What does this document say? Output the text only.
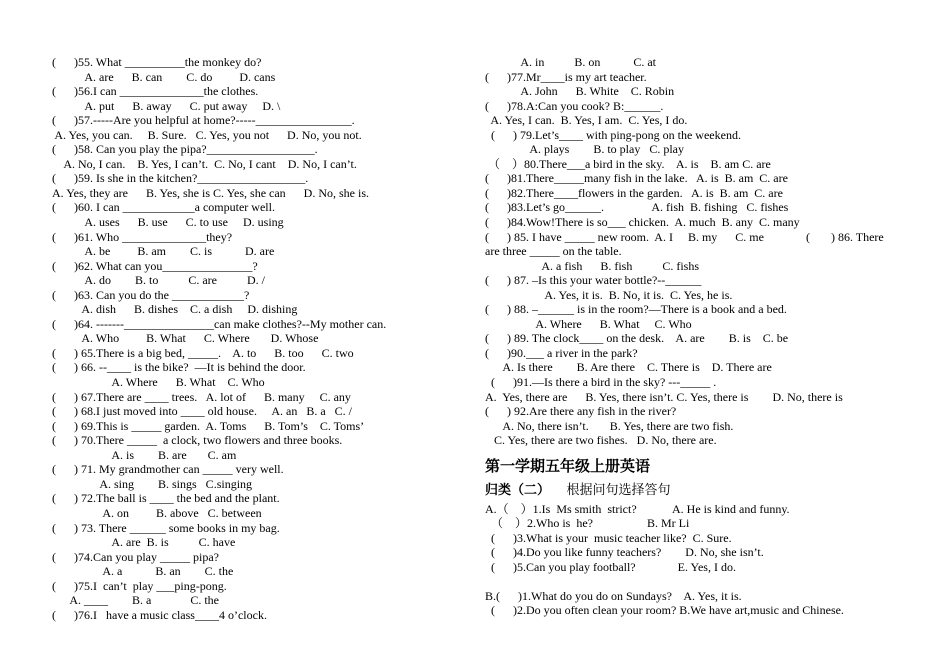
(      )55. What __________the monkey do?
A. are      B. can        C. do         D. cans
(      )56.I can ______________the clothes.
A. put      B. away      C. put away     D. \
(      )57.-----Are you helpful at home?-----________________.
A. Yes, you can.     B. Sure.   C. Yes, you not      D. No, you not.
(      )58. Can you play the pipa?__________________.
A. No, I can.    B. Yes, I can’t.  C. No, I cant    D. No, I can’t.
(      )59. Is she in the kitchen?__________________.
A. Yes, they are      B. Yes, she is C. Yes, she can      D. No, she is.
(      )60. I can ____________a computer well.
A. uses      B. use      C. to use     D. using
(      )61. Who ______________they?
A. be         B. am        C. is           D. are
(      )62. What can you_______________?
A. do        B. to          C. are          D. /
(      )63. Can you do the ____________?
A. dish      B. dishes    C. a dish     D. dishing
(      )64. -------_______________can make clothes?--My mother can.
A. Who         B. What      C. Where       D. Whose
(      ) 65.There is a big bed, _____.    A. to      B. too      C. two
(      ) 66. --____ is the bike?  —It is behind the door.
A. Where      B. What    C. Who
(      ) 67.There are ____ trees.   A. lot of      B. many     C. any
(      ) 68.I just moved into ____ old house.     A. an   B. a   C. /
(      ) 69.This is _____ garden.  A. Toms      B. Tom’s    C. Toms’
(      ) 70.There _____  a clock, two flowers and three books.
A. is        B. are       C. am
(      ) 71. My grandmother can _____ very well.
A. sing        B. sings   C.singing
(      ) 72.The ball is ____ the bed and the plant.
A. on         B. above   C. between
(      ) 73. There ______ some books in my bag.
A. are  B. is          C. have
(      )74.Can you play _____ pipa?
A. a           B. an        C. the
(      )75.I  can’t  play ___ping-pong.
A. ____        B. a             C. the
(      )76.I   have a music class____4 o’clock.
A. in          B. on           C. at
(      )77.Mr____is my art teacher.
A. John      B. White    C. Robin
(      )78.A:Can you cook? B:______.
A. Yes, I can.  B. Yes, I am.  C. Yes, I do.
(      ) 79.Let’s____ with ping-pong on the weekend.
A. plays        B. to play   C. play
（    ）80.There___a bird in the sky.    A. is    B. am C. are
(      )81.There_____many fish in the lake.   A. is  B. am  C. are
(      )82.There____flowers in the garden.   A. is  B. am  C. are
(      )83.Let’s go______.                A. fish  B. fishing   C. fishes
(      )84.Wow!There is so___ chicken.  A. much  B. any  C. many
(      ) 85. I have _____ new room.  A. I     B. my      C. me              (       ) 86. There
are three _____ on the table.
A. a fish      B. fish          C. fishs
(      ) 87. –Is this your water bottle?--______
A. Yes, it is.  B. No, it is.  C. Yes, he is.
(      ) 88. –______ is in the room?—There is a book and a bed.
A. Where      B. What     C. Who
(      ) 89. The clock____ on the desk.    A. are        B. is    C. be
(      )90.___ a river in the park?
A. Is there        B. Are there    C. There is    D. There are
(      )91.—Is there a bird in the sky? ---_____ .
A.  Yes, there are      B. Yes, there isn’t. C. Yes, there is        D. No, there is
(      ) 92.Are there any fish in the river?
A. No, there isn’t.       B. Yes, there are two fish.
C. Yes, there are two fishes.   D. No, there are.
第一学期五年级上册英语
归类（二）    根据问句选择答句
A.（    ）1.Is  Ms smith  strict?            A. He is kind and funny.
（    ）2.Who is  he?                  B. Mr Li
(      )3.What is your  music teacher like?  C. Sure.
(      )4.Do you like funny teachers?        D. No, she isn’t.
(      )5.Can you play football?              E. Yes, I do.
B.(      )1.What do you do on Sundays?    A. Yes, it is.
(      )2.Do you often clean your room? B.We have art,music and Chinese.
